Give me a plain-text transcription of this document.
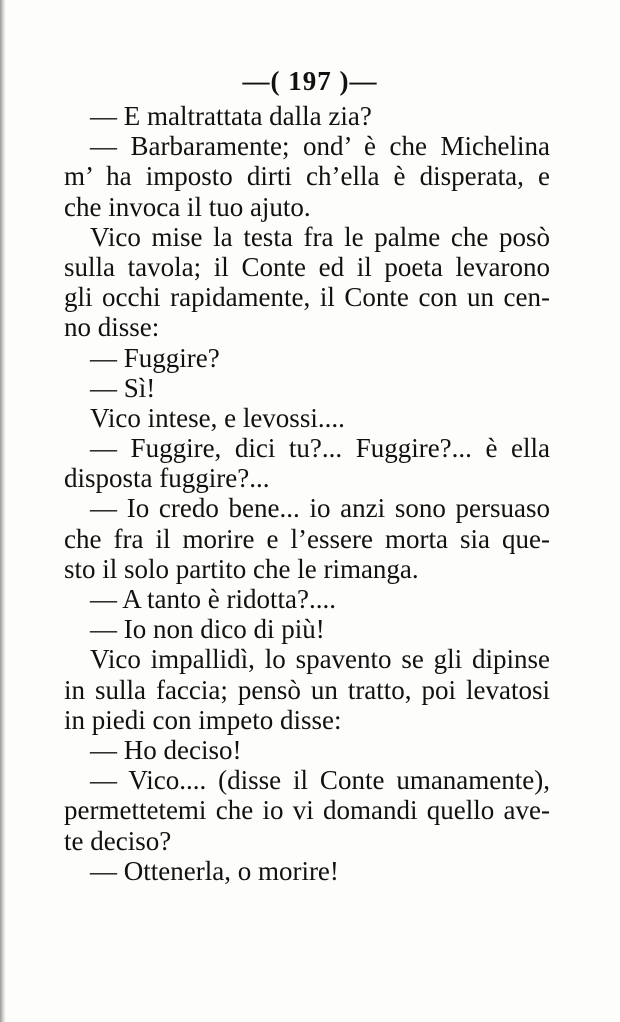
—( 197 )—
— E maltrattata dalla zia?
— Barbaramente; ond’ è che Michelina
m’ ha imposto dirti ch’ella è disperata, e
che invoca il tuo ajuto.
Vico mise la testa fra le palme che posò
sulla tavola; il Conte ed il poeta levarono
gli occhi rapidamente, il Conte con un cen-
no disse:
— Fuggire?
— Sì!
Vico intese, e levossi....
— Fuggire, dici tu?... Fuggire?... è ella
disposta fuggire?...
— Io credo bene... io anzi sono persuaso
che fra il morire e l’essere morta sia que-
sto il solo partito che le rimanga.
— A tanto è ridotta?....
— Io non dico di più!
Vico impallidì, lo spavento se gli dipinse
in sulla faccia; pensò un tratto, poi levatosi
in piedi con impeto disse:
— Ho deciso!
— Vico.... (disse il Conte umanamente),
permettetemi che io vi domandi quello ave-
te deciso?
— Ottenerla, o morire!
